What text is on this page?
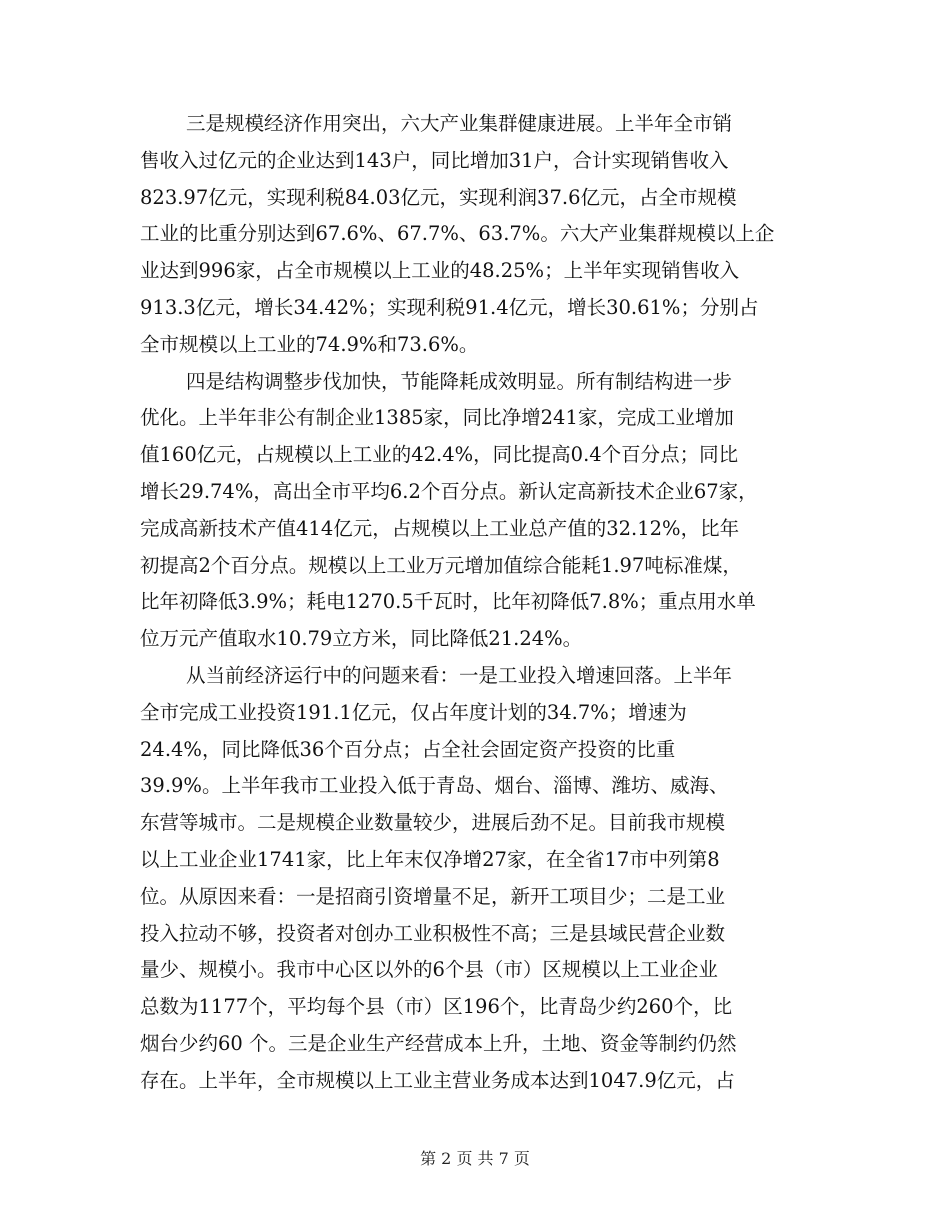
三是规模经济作用突出，六大产业集群健康进展。上半年全市销
售收入过亿元的企业达到143户，同比增加31户，合计实现销售收入
823.97亿元，实现利税84.03亿元，实现利润37.6亿元，占全市规模
工业的比重分别达到67.6%、67.7%、63.7%。六大产业集群规模以上企
业达到996家，占全市规模以上工业的48.25%；上半年实现销售收入
913.3亿元，增长34.42%；实现利税91.4亿元，增长30.61%；分别占
全市规模以上工业的74.9%和73.6%。
四是结构调整步伐加快，节能降耗成效明显。所有制结构进一步
优化。上半年非公有制企业1385家，同比净增241家，完成工业增加
值160亿元，占规模以上工业的42.4%，同比提高0.4个百分点；同比
增长29.74%，高出全市平均6.2个百分点。新认定高新技术企业67家，
完成高新技术产值414亿元，占规模以上工业总产值的32.12%，比年
初提高2个百分点。规模以上工业万元增加值综合能耗1.97吨标准煤，
比年初降低3.9%；耗电1270.5千瓦时，比年初降低7.8%；重点用水单
位万元产值取水10.79立方米，同比降低21.24%。
从当前经济运行中的问题来看：一是工业投入增速回落。上半年
全市完成工业投资191.1亿元，仅占年度计划的34.7%；增速为
24.4%，同比降低36个百分点；占全社会固定资产投资的比重
39.9%。上半年我市工业投入低于青岛、烟台、淄博、潍坊、威海、
东营等城市。二是规模企业数量较少，进展后劲不足。目前我市规模
以上工业企业1741家，比上年末仅净增27家，在全省17市中列第8
位。从原因来看：一是招商引资增量不足，新开工项目少；二是工业
投入拉动不够，投资者对创办工业积极性不高；三是县域民营企业数
量少、规模小。我市中心区以外的6个县（市）区规模以上工业企业
总数为1177个，平均每个县（市）区196个，比青岛少约260个，比
烟台少约60 个。三是企业生产经营成本上升，土地、资金等制约仍然
存在。上半年，全市规模以上工业主营业务成本达到1047.9亿元，占
第 2 页 共 7 页
